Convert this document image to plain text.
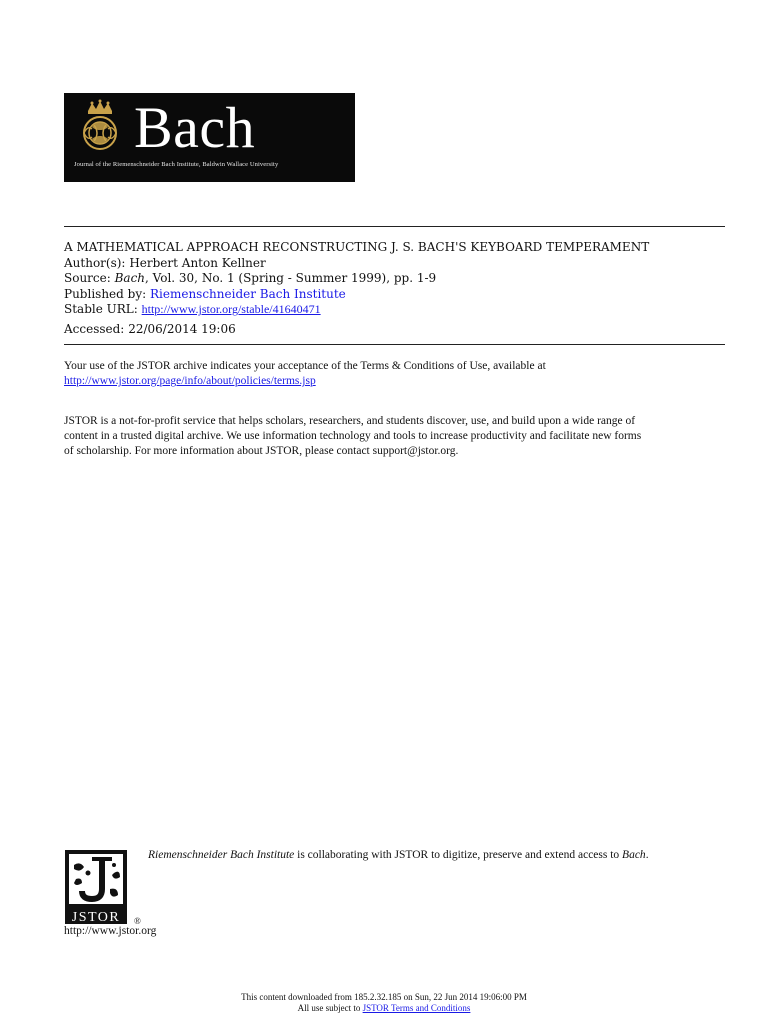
Bach
Journal of the Riemenschneider Bach Institute, Baldwin Wallace University
A MATHEMATICAL APPROACH RECONSTRUCTING J. S. BACH'S KEYBOARD TEMPERAMENT
Author(s): Herbert Anton Kellner
Source: Bach, Vol. 30, No. 1 (Spring - Summer 1999), pp. 1-9
Published by: Riemenschneider Bach Institute
Stable URL: http://www.jstor.org/stable/41640471
Accessed: 22/06/2014 19:06
Your use of the JSTOR archive indicates your acceptance of the Terms & Conditions of Use, available at
http://www.jstor.org/page/info/about/policies/terms.jsp
JSTOR is a not-for-profit service that helps scholars, researchers, and students discover, use, and build upon a wide range of
content in a trusted digital archive. We use information technology and tools to increase productivity and facilitate new forms
of scholarship. For more information about JSTOR, please contact support@jstor.org.
JSTOR ®
http://www.jstor.org
Riemenschneider Bach Institute is collaborating with JSTOR to digitize, preserve and extend access to Bach.
This content downloaded from 185.2.32.185 on Sun, 22 Jun 2014 19:06:00 PM
All use subject to JSTOR Terms and Conditions
